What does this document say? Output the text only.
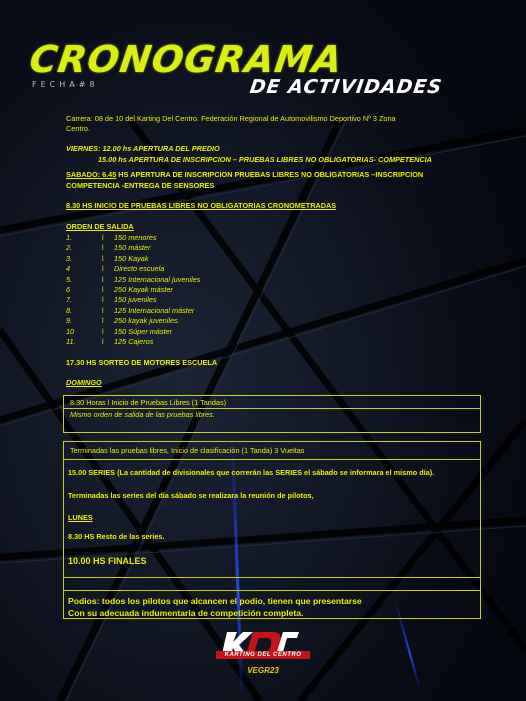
CRONOGRAMA
FECHA#8	DE ACTIVIDADES
Carrera: 08 de 10 del Karting Del Centro. Federación Regional de Automovilismo Deportivo Nº 3 Zona
Centro.
VIERNES: 12.00 hs APERTURA DEL PREDIO
15.00 hs APERTURA DE INSCRIPCION – PRUEBAS LIBRES NO OBLIGATORIAS- COMPETENCIA
SABADO: 6.45 HS APERTURA DE INSCRIPCION PRUEBAS LIBRES NO OBLIGATORIAS –INSCRIPCION
COMPETENCIA -ENTREGA DE SENSORES
8.30 HS INICIO DE PRUEBAS LIBRES NO OBLIGATORIAS CRONOMETRADAS
ORDEN DE SALIDA
1.	l 150 menores
2.	l 150 máster
3.	l 150 Kayak
4	l Directo escuela
5.	l 125 Internacional juveniles
6	l 250 Kayak máster
7.	l 150 juveniles
8.	l 125 Internacional máster
9.	l 250 kayak juveniles.
10	l 150 Súper máster
11.	l 125 Cajeros
17.30 HS SORTEO DE MOTORES ESCUELA
DOMINGO
8.30 Horas l Inicio de Pruebas Libres (1 Tandas)
Mismo orden de salida de las pruebas libres.
Terminadas las pruebas libres, Inicio de clasificación (1 Tanda) 3 Vueltas
15.00 SERIES (La cantidad de divisionales que correrán las SERIES el sábado se informara el mismo día).
Terminadas las series del día sábado se realizara la reunión de pilotos,
LUNES
8.30 HS Resto de las series.
10.00 HS FINALES
Podios: todos los pilotos que alcancen el podio, tienen que presentarse
Con su adecuada indumentaria de competición completa.
KARTING DEL CENTRO
VEGR23
